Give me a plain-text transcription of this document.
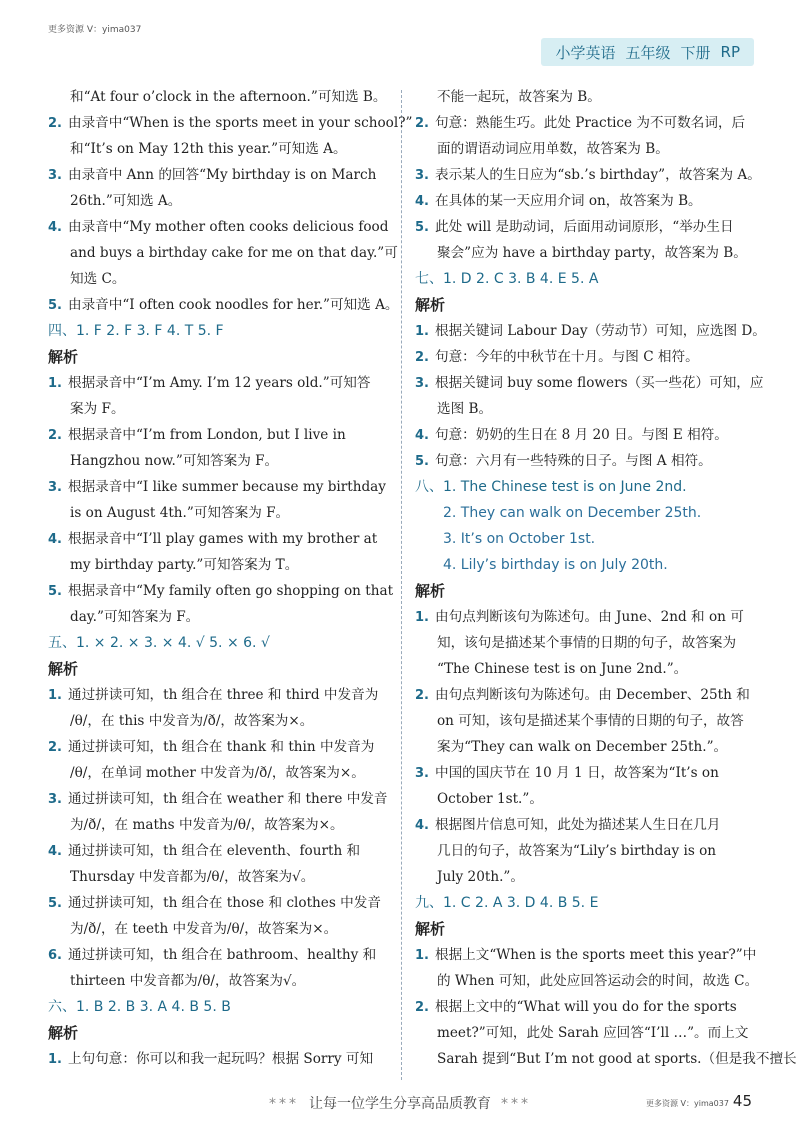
更多资源 V：yima037
小学英语 五年级 下册 RP
和“At four o’clock in the afternoon.”可知选 B。
2. 由录音中“When is the sports meet in your school?”
和“It’s on May 12th this year.”可知选 A。
3. 由录音中 Ann 的回答“My birthday is on March
26th.”可知选 A。
4. 由录音中“My mother often cooks delicious food
and buys a birthday cake for me on that day.”可
知选 C。
5. 由录音中“I often cook noodles for her.”可知选 A。
四、1. F 2. F 3. F 4. T 5. F
解析
1. 根据录音中“I’m Amy. I’m 12 years old.”可知答
案为 F。
2. 根据录音中“I’m from London, but I live in
Hangzhou now.”可知答案为 F。
3. 根据录音中“I like summer because my birthday
is on August 4th.”可知答案为 F。
4. 根据录音中“I’ll play games with my brother at
my birthday party.”可知答案为 T。
5. 根据录音中“My family often go shopping on that
day.”可知答案为 F。
五、1. × 2. × 3. × 4. √ 5. × 6. √
解析
1. 通过拼读可知，th 组合在 three 和 third 中发音为
/θ/，在 this 中发音为/ð/，故答案为×。
2. 通过拼读可知，th 组合在 thank 和 thin 中发音为
/θ/，在单词 mother 中发音为/ð/，故答案为×。
3. 通过拼读可知，th 组合在 weather 和 there 中发音
为/ð/，在 maths 中发音为/θ/，故答案为×。
4. 通过拼读可知，th 组合在 eleventh、fourth 和
Thursday 中发音都为/θ/，故答案为√。
5. 通过拼读可知，th 组合在 those 和 clothes 中发音
为/ð/，在 teeth 中发音为/θ/，故答案为×。
6. 通过拼读可知，th 组合在 bathroom、healthy 和
thirteen 中发音都为/θ/，故答案为√。
六、1. B 2. B 3. A 4. B 5. B
解析
1. 上句句意：你可以和我一起玩吗？根据 Sorry 可知
不能一起玩，故答案为 B。
2. 句意：熟能生巧。此处 Practice 为不可数名词，后
面的谓语动词应用单数，故答案为 B。
3. 表示某人的生日应为“sb.’s birthday”，故答案为 A。
4. 在具体的某一天应用介词 on，故答案为 B。
5. 此处 will 是助动词，后面用动词原形，“举办生日
聚会”应为 have a birthday party，故答案为 B。
七、1. D 2. C 3. B 4. E 5. A
解析
1. 根据关键词 Labour Day（劳动节）可知，应选图 D。
2. 句意：今年的中秋节在十月。与图 C 相符。
3. 根据关键词 buy some flowers（买一些花）可知，应
选图 B。
4. 句意：奶奶的生日在 8 月 20 日。与图 E 相符。
5. 句意：六月有一些特殊的日子。与图 A 相符。
八、1. The Chinese test is on June 2nd.
2. They can walk on December 25th.
3. It’s on October 1st.
4. Lily’s birthday is on July 20th.
解析
1. 由句点判断该句为陈述句。由 June、2nd 和 on 可
知，该句是描述某个事情的日期的句子，故答案为
“The Chinese test is on June 2nd.”。
2. 由句点判断该句为陈述句。由 December、25th 和
on 可知，该句是描述某个事情的日期的句子，故答
案为“They can walk on December 25th.”。
3. 中国的国庆节在 10 月 1 日，故答案为“It’s on
October 1st.”。
4. 根据图片信息可知，此处为描述某人生日在几月
几日的句子，故答案为“Lily’s birthday is on
July 20th.”。
九、1. C 2. A 3. D 4. B 5. E
解析
1. 根据上文“When is the sports meet this year?”中
的 When 可知，此处应回答运动会的时间，故选 C。
2. 根据上文中的“What will you do for the sports
meet?”可知，此处 Sarah 应回答“I’ll …”。而上文
Sarah 提到“But I’m not good at sports.（但是我不擅长
*** 让每一位学生分享高品质教育 ***	更多资源 V：yima037 45
